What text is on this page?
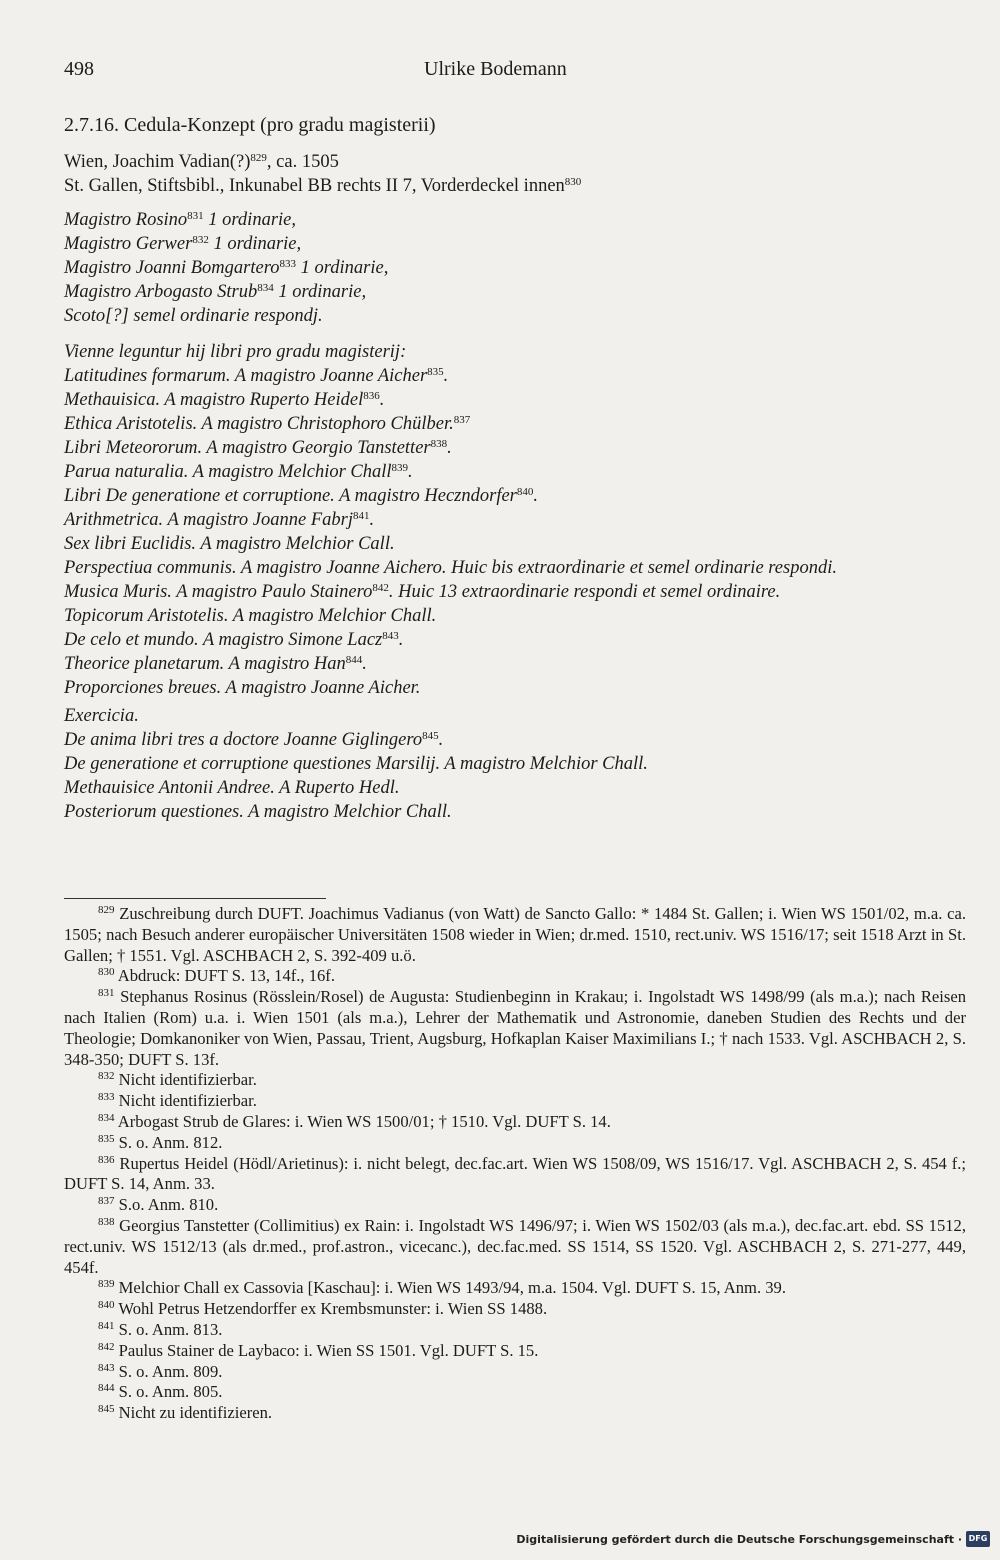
498	Ulrike Bodemann
2.7.16. Cedula-Konzept (pro gradu magisterii)
Wien, Joachim Vadian(?)$^{829}$, ca. 1505
St. Gallen, Stiftsbibl., Inkunabel BB rechts II 7, Vorderdeckel innen$^{830}$
Magistro Rosino$^{831}$ 1 ordinarie,
Magistro Gerwer$^{832}$ 1 ordinarie,
Magistro Joanni Bomgartero$^{833}$ 1 ordinarie,
Magistro Arbogasto Strub$^{834}$ 1 ordinarie,
Scoto[?] semel ordinarie respondj.
Vienne leguntur hij libri pro gradu magisterij:
Latitudines formarum. A magistro Joanne Aicher$^{835}$.
Methauisica. A magistro Ruperto Heidel$^{836}$.
Ethica Aristotelis. A magistro Christophoro Chülber.$^{837}$
Libri Meteororum. A magistro Georgio Tanstetter$^{838}$.
Parua naturalia. A magistro Melchior Chall$^{839}$.
Libri De generatione et corruptione. A magistro Heczndorfer$^{840}$.
Arithmetrica. A magistro Joanne Fabrj$^{841}$.
Sex libri Euclidis. A magistro Melchior Call.
Perspectiua communis. A magistro Joanne Aichero. Huic bis extraordinarie et semel ordinarie respondi.
Musica Muris. A magistro Paulo Stainero$^{842}$. Huic 13 extraordinarie respondi et semel ordinaire.
Topicorum Aristotelis. A magistro Melchior Chall.
De celo et mundo. A magistro Simone Lacz$^{843}$.
Theorice planetarum. A magistro Han$^{844}$.
Proporciones breues. A magistro Joanne Aicher.
Exercicia.
De anima libri tres a doctore Joanne Giglingero$^{845}$.
De generatione et corruptione questiones Marsilij. A magistro Melchior Chall.
Methauisice Antonii Andree. A Ruperto Hedl.
Posteriorum questiones. A magistro Melchior Chall.

$^{829}$ Zuschreibung durch DUFT. Joachimus Vadianus (von Watt) de Sancto Gallo: * 1484 St. Gallen; i. Wien WS 1501/02, m.a. ca. 1505; nach Besuch anderer europäischer Universitäten 1508 wieder in Wien; dr.med. 1510, rect.univ. WS 1516/17; seit 1518 Arzt in St. Gallen; † 1551. Vgl. ASCHBACH 2, S. 392-409 u.ö.

$^{830}$ Abdruck: DUFT S. 13, 14f., 16f.

$^{831}$ Stephanus Rosinus (Rösslein/Rosel) de Augusta: Studienbeginn in Krakau; i. Ingolstadt WS 1498/99 (als m.a.); nach Reisen nach Italien (Rom) u.a. i. Wien 1501 (als m.a.), Lehrer der Mathematik und Astronomie, daneben Studien des Rechts und der Theologie; Domkanoniker von Wien, Passau, Trient, Augsburg, Hofkaplan Kaiser Maximilians I.; † nach 1533. Vgl. ASCHBACH 2, S. 348-350; DUFT S. 13f.

$^{832}$ Nicht identifizierbar.

$^{833}$ Nicht identifizierbar.

$^{834}$ Arbogast Strub de Glares: i. Wien WS 1500/01; † 1510. Vgl. DUFT S. 14.

$^{835}$ S. o. Anm. 812.

$^{836}$ Rupertus Heidel (Hödl/Arietinus): i. nicht belegt, dec.fac.art. Wien WS 1508/09, WS 1516/17. Vgl. ASCHBACH 2, S. 454 f.; DUFT S. 14, Anm. 33.

$^{837}$ S.o. Anm. 810.

$^{838}$ Georgius Tanstetter (Collimitius) ex Rain: i. Ingolstadt WS 1496/97; i. Wien WS 1502/03 (als m.a.), dec.fac.art. ebd. SS 1512, rect.univ. WS 1512/13 (als dr.med., prof.astron., vicecanc.), dec.fac.med. SS 1514, SS 1520. Vgl. ASCHBACH 2, S. 271-277, 449, 454f.

$^{839}$ Melchior Chall ex Cassovia [Kaschau]: i. Wien WS 1493/94, m.a. 1504. Vgl. DUFT S. 15, Anm. 39.

$^{840}$ Wohl Petrus Hetzendorffer ex Krembsmunster: i. Wien SS 1488.

$^{841}$ S. o. Anm. 813.

$^{842}$ Paulus Stainer de Laybaco: i. Wien SS 1501. Vgl. DUFT S. 15.

$^{843}$ S. o. Anm. 809.

$^{844}$ S. o. Anm. 805.

$^{845}$ Nicht zu identifizieren.

Digitalisierung gefördert durch die Deutsche Forschungsgemeinschaft · DFG
